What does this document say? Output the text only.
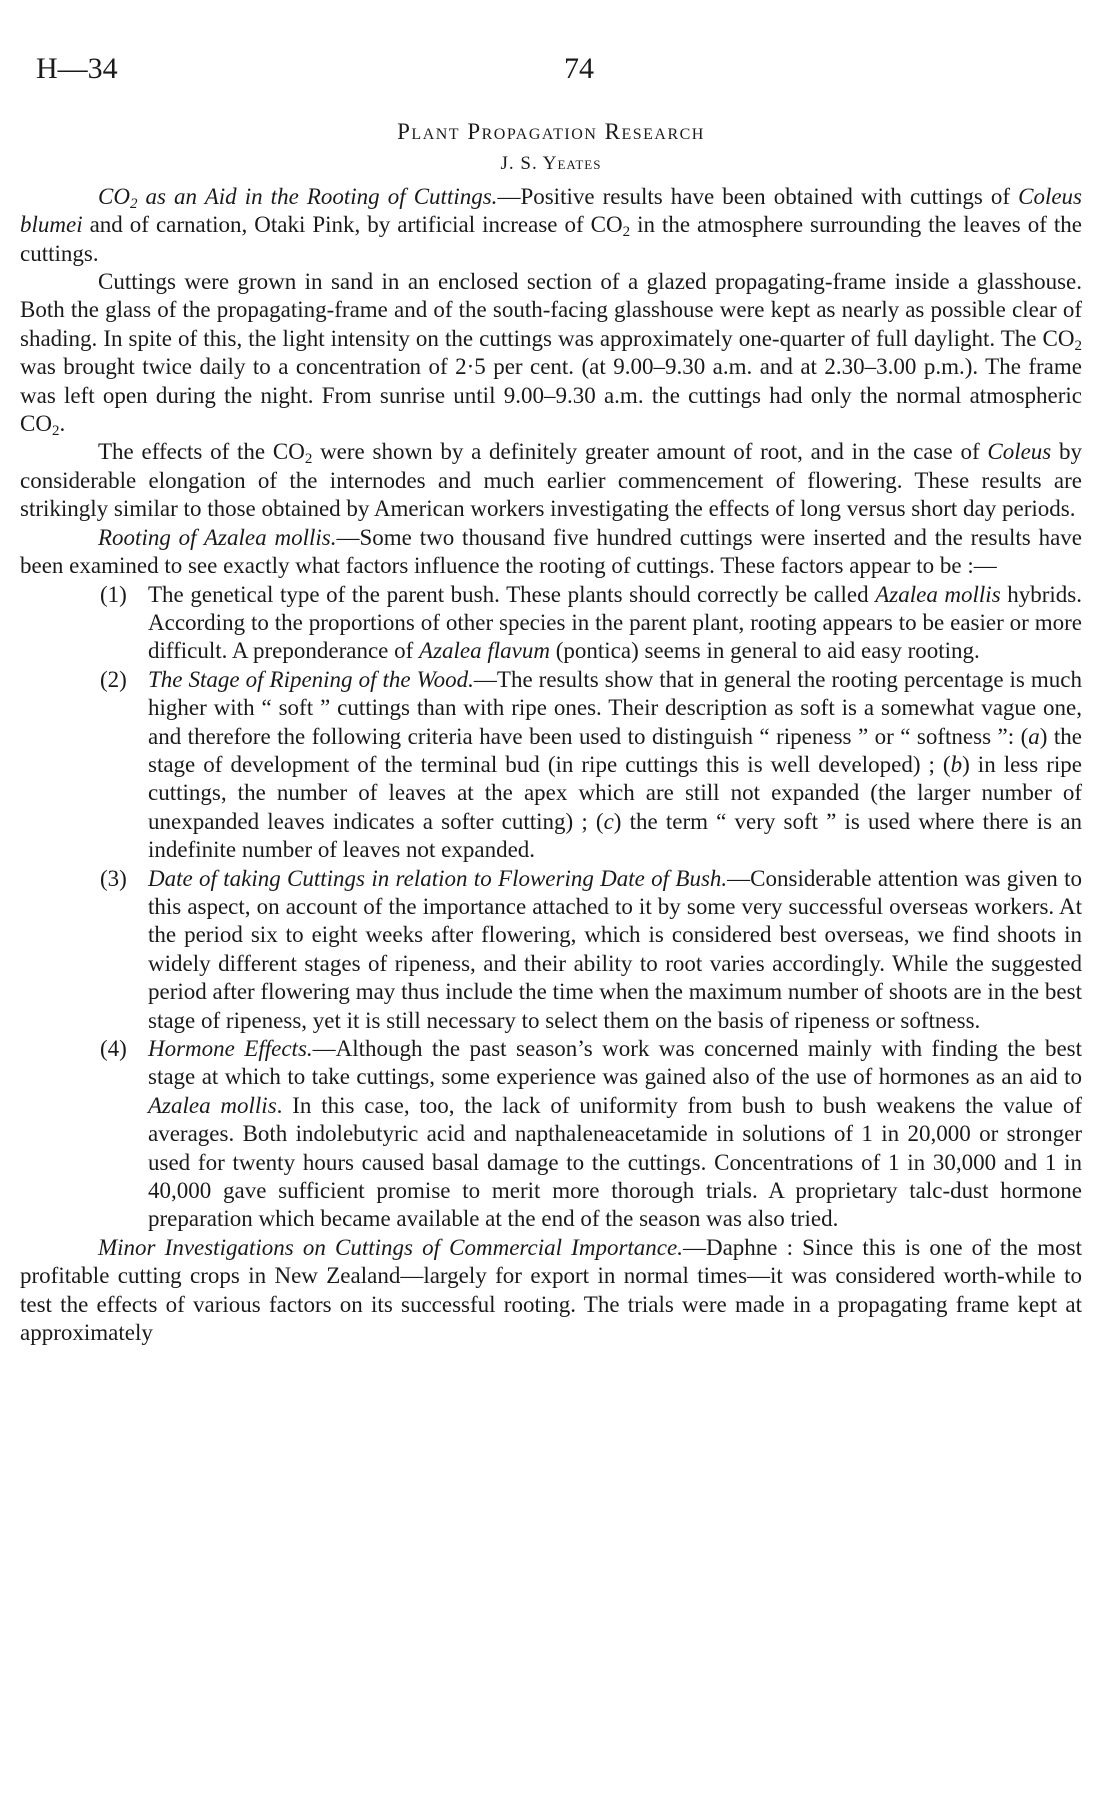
H—34	74
Plant Propagation Research
J. S. Yeates

$CO_2$ as an Aid in the Rooting of Cuttings.—Positive results have been obtained with cuttings of Coleus blumei and of carnation, Otaki Pink, by artificial increase of $CO_2$ in the atmosphere surrounding the leaves of the cuttings.

Cuttings were grown in sand in an enclosed section of a glazed propagating-frame inside a glasshouse. Both the glass of the propagating-frame and of the south-facing glasshouse were kept as nearly as possible clear of shading. In spite of this, the light intensity on the cuttings was approximately one-quarter of full daylight. The $CO_2$ was brought twice daily to a concentration of 2·5 per cent. (at 9.00–9.30 a.m. and at 2.30–3.00 p.m.). The frame was left open during the night. From sunrise until 9.00–9.30 a.m. the cuttings had only the normal atmospheric $CO_2$.

The effects of the $CO_2$ were shown by a definitely greater amount of root, and in the case of Coleus by considerable elongation of the internodes and much earlier commencement of flowering. These results are strikingly similar to those obtained by American workers investigating the effects of long versus short day periods.

Rooting of Azalea mollis.—Some two thousand five hundred cuttings were inserted and the results have been examined to see exactly what factors influence the rooting of cuttings. These factors appear to be :—

(1) The genetical type of the parent bush. These plants should correctly be called Azalea mollis hybrids. According to the proportions of other species in the parent plant, rooting appears to be easier or more difficult. A preponderance of Azalea flavum (pontica) seems in general to aid easy rooting.
(2) The Stage of Ripening of the Wood.—The results show that in general the rooting percentage is much higher with “ soft ” cuttings than with ripe ones. Their description as soft is a somewhat vague one, and therefore the following criteria have been used to distinguish “ ripeness ” or “ softness ”: (a) the stage of development of the terminal bud (in ripe cuttings this is well developed) ; (b) in less ripe cuttings, the number of leaves at the apex which are still not expanded (the larger number of unexpanded leaves indicates a softer cutting) ; (c) the term “ very soft ” is used where there is an indefinite number of leaves not expanded.
(3) Date of taking Cuttings in relation to Flowering Date of Bush.—Considerable attention was given to this aspect, on account of the importance attached to it by some very successful overseas workers. At the period six to eight weeks after flowering, which is considered best overseas, we find shoots in widely different stages of ripeness, and their ability to root varies accordingly. While the suggested period after flowering may thus include the time when the maximum number of shoots are in the best stage of ripeness, yet it is still necessary to select them on the basis of ripeness or softness.
(4) Hormone Effects.—Although the past season’s work was concerned mainly with finding the best stage at which to take cuttings, some experience was gained also of the use of hormones as an aid to Azalea mollis. In this case, too, the lack of uniformity from bush to bush weakens the value of averages. Both indolebutyric acid and napthaleneacetamide in solutions of 1 in 20,000 or stronger used for twenty hours caused basal damage to the cuttings. Concentrations of 1 in 30,000 and 1 in 40,000 gave sufficient promise to merit more thorough trials. A proprietary talc-dust hormone preparation which became available at the end of the season was also tried.

Minor Investigations on Cuttings of Commercial Importance.—Daphne : Since this is one of the most profitable cutting crops in New Zealand—largely for export in normal times—it was considered worth-while to test the effects of various factors on its successful rooting. The trials were made in a propagating frame kept at approximately
